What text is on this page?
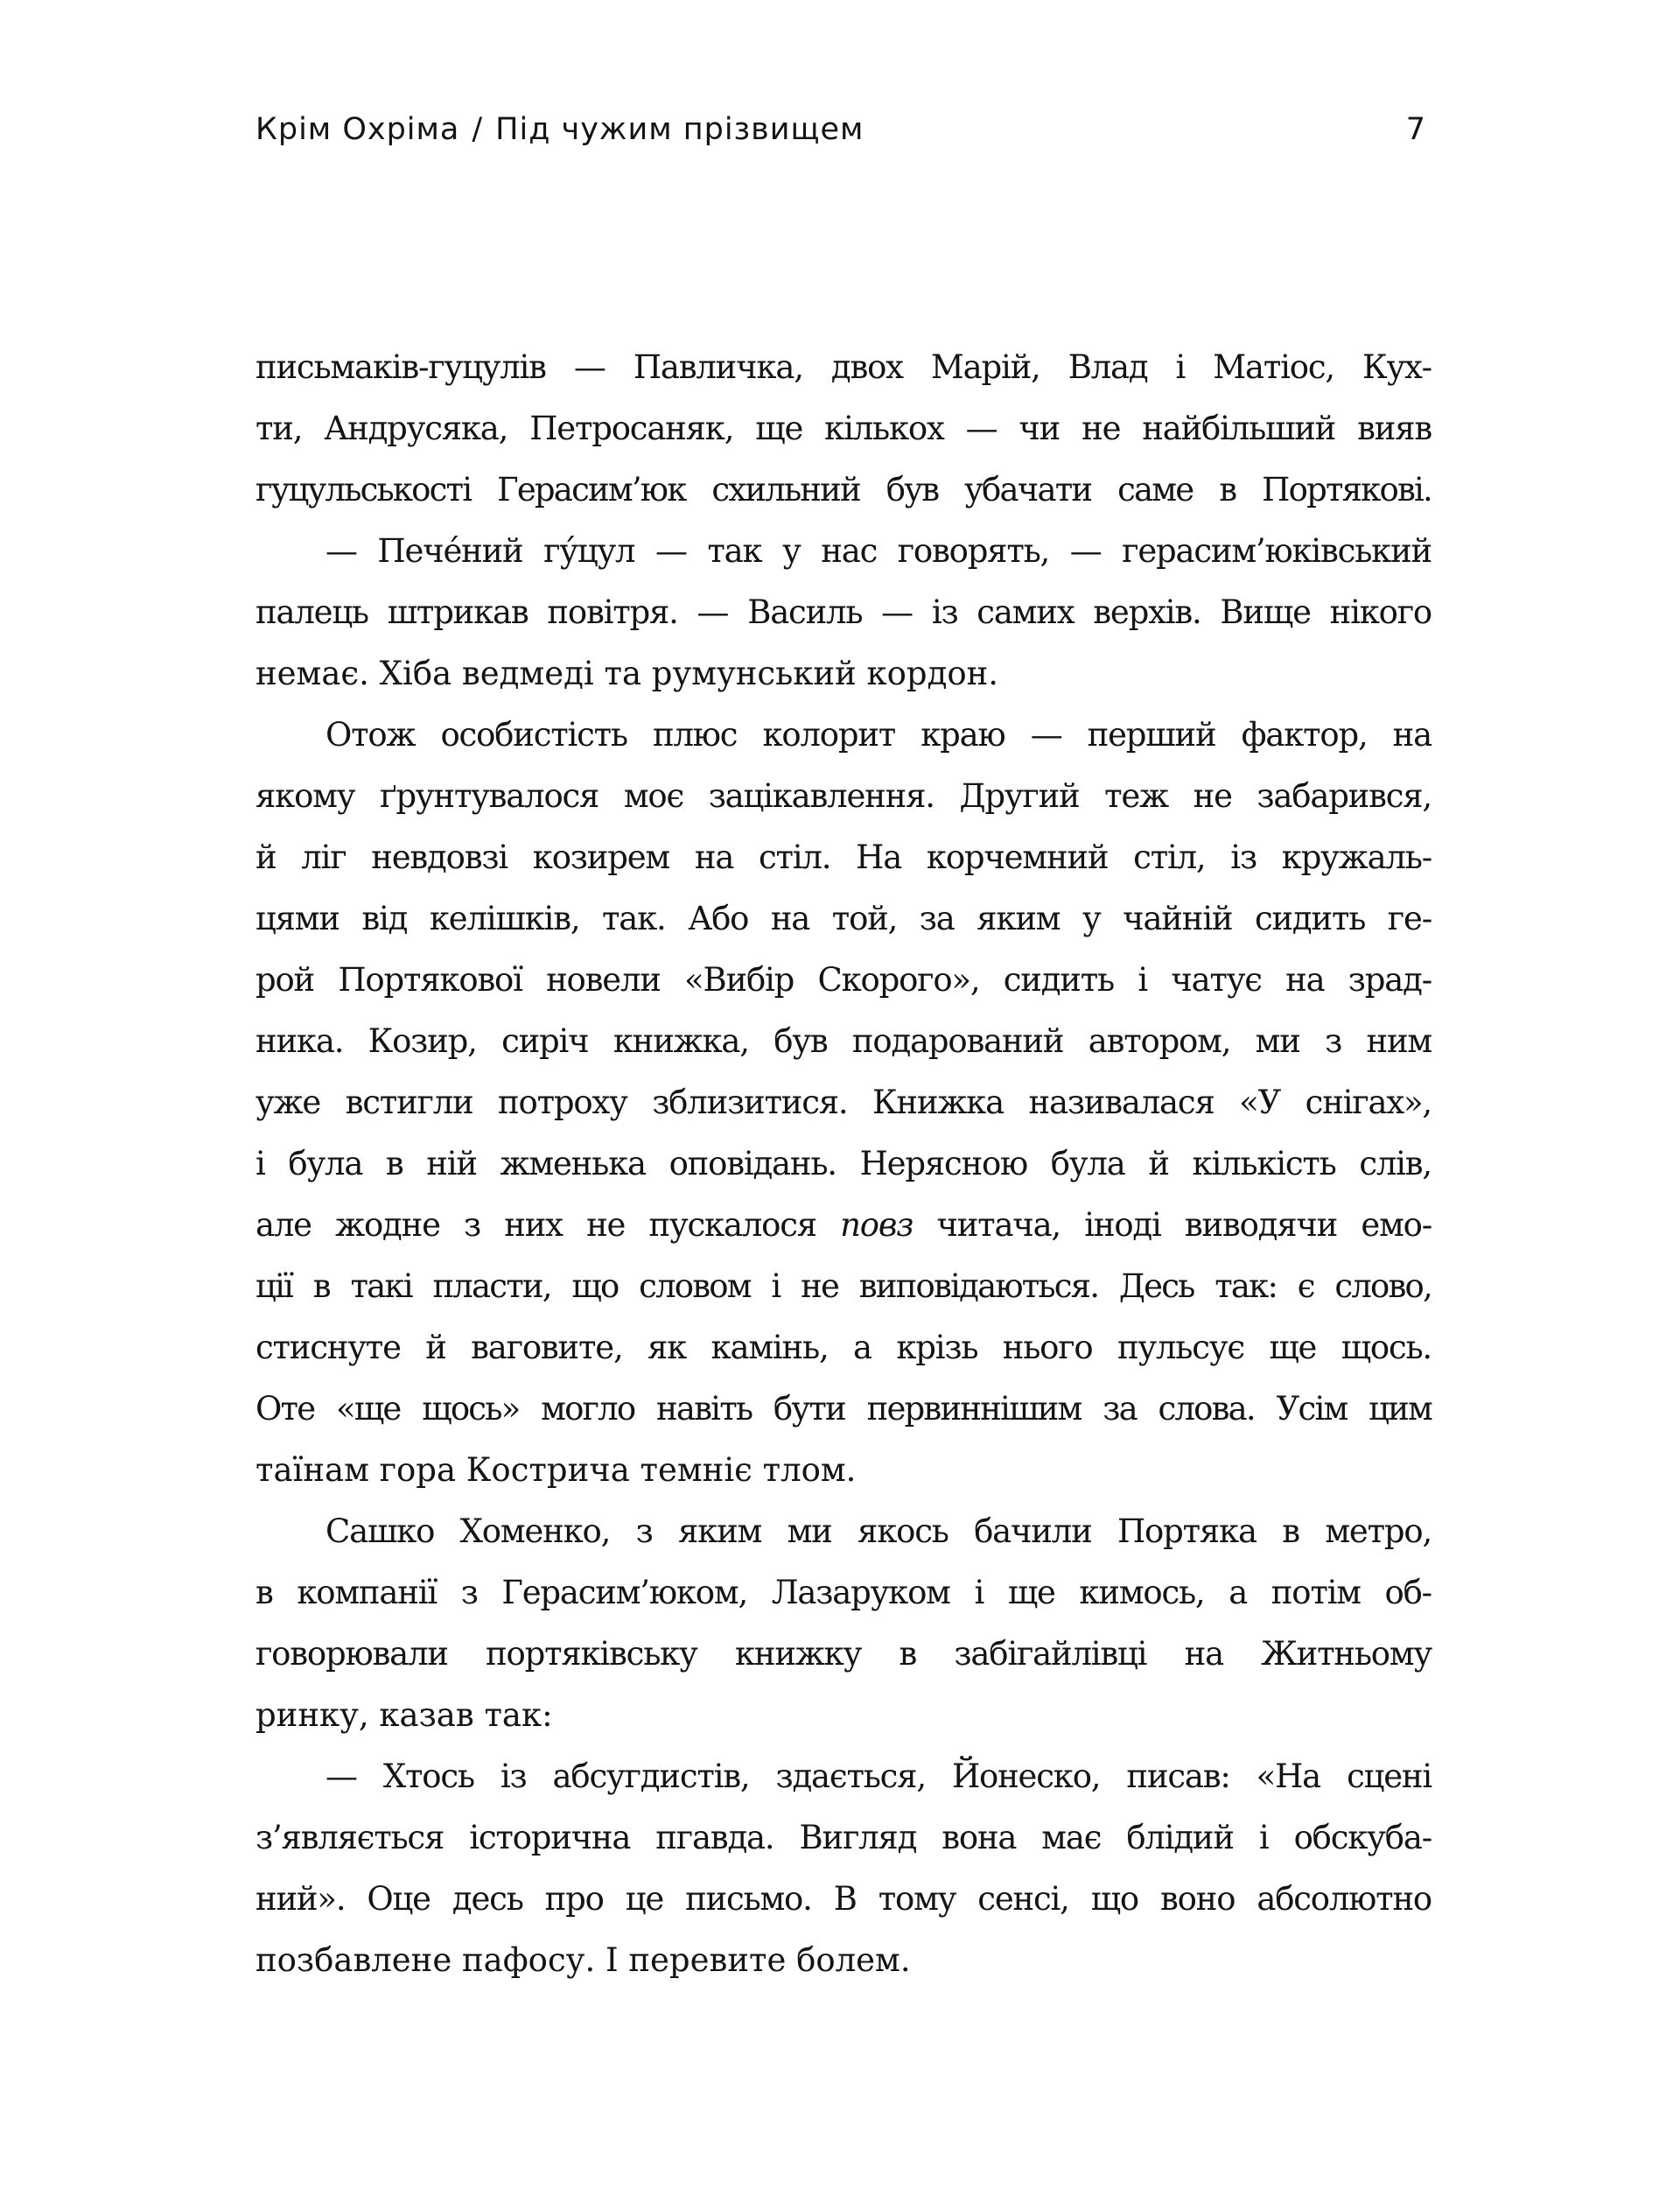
Крім Охріма / Під чужим прізвищем	7
письмаків-гуцулів — Павличка, двох Марій, Влад і Матіос, Кух-
ти, Андрусяка, Петросаняк, ще кількох — чи не найбільший вияв
гуцульськості Герасим’юк схильний був убачати саме в Портякові.
— Пече́ний гу́цул — так у нас говорять, — герасим’юківський
палець штрикав повітря. — Василь — із самих верхів. Вище нікого
немає. Хіба ведмеді та румунський кордон.
Отож особистість плюс колорит краю — перший фактор, на
якому ґрунтувалося моє зацікавлення. Другий теж не забарився,
й ліг невдовзі козирем на стіл. На корчемний стіл, із кружаль-
цями від келішків, так. Або на той, за яким у чайній сидить ге-
рой Портякової новели «Вибір Скорого», сидить і чатує на зрад-
ника. Козир, сиріч книжка, був подарований автором, ми з ним
уже встигли потроху зблизитися. Книжка називалася «У снігах»,
і була в ній жменька оповідань. Нерясною була й кількість слів,
але жодне з них не пускалося повз читача, іноді виводячи емо-
ції в такі пласти, що словом і не виповідаються. Десь так: є слово,
стиснуте й ваговите, як камінь, а крізь нього пульсує ще щось.
Оте «ще щось» могло навіть бути первиннішим за слова. Усім цим
таїнам гора Кострича темніє тлом.
Сашко Хоменко, з яким ми якось бачили Портяка в метро,
в компанії з Герасим’юком, Лазаруком і ще кимось, а потім об-
говорювали портяківську книжку в забігайлівці на Житньому
ринку, казав так:
— Хтось із абсугдистів, здається, Йонеско, писав: «На сцені
з’являється історична пгавда. Вигляд вона має блідий і обскуба-
ний». Оце десь про це письмо. В тому сенсі, що воно абсолютно
позбавлене пафосу. І перевите болем.
